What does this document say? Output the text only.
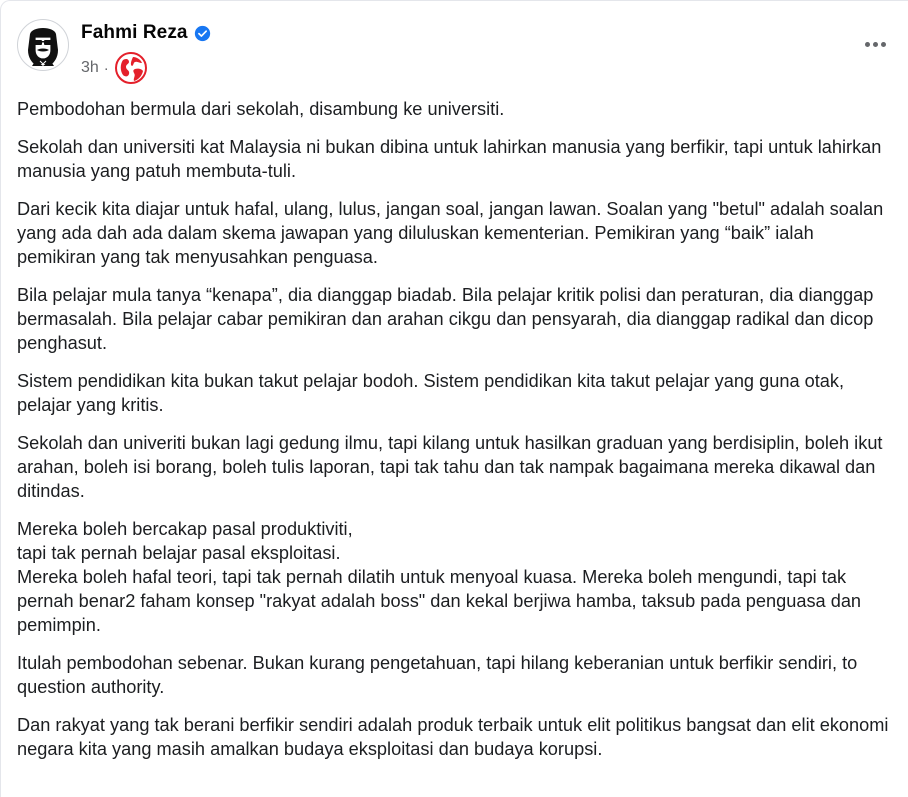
Fahmi Reza
3h ·

Pembodohan bermula dari sekolah, disambung ke universiti.

Sekolah dan universiti kat Malaysia ni bukan dibina untuk lahirkan manusia yang berfikir, tapi untuk lahirkan manusia yang patuh membuta-tuli.

Dari kecik kita diajar untuk hafal, ulang, lulus, jangan soal, jangan lawan. Soalan yang "betul" adalah soalan yang ada dah ada dalam skema jawapan yang diluluskan kementerian. Pemikiran yang “baik” ialah pemikiran yang tak menyusahkan penguasa.

Bila pelajar mula tanya “kenapa”, dia dianggap biadab. Bila pelajar kritik polisi dan peraturan, dia dianggap bermasalah. Bila pelajar cabar pemikiran dan arahan cikgu dan pensyarah, dia dianggap radikal dan dicop penghasut.

Sistem pendidikan kita bukan takut pelajar bodoh. Sistem pendidikan kita takut pelajar yang guna otak, pelajar yang kritis.

Sekolah dan univeriti bukan lagi gedung ilmu, tapi kilang untuk hasilkan graduan yang berdisiplin, boleh ikut arahan, boleh isi borang, boleh tulis laporan, tapi tak tahu dan tak nampak bagaimana mereka dikawal dan ditindas.

Mereka boleh bercakap pasal produktiviti,
tapi tak pernah belajar pasal eksploitasi.
Mereka boleh hafal teori, tapi tak pernah dilatih untuk menyoal kuasa. Mereka boleh mengundi, tapi tak pernah benar2 faham konsep "rakyat adalah boss" dan kekal berjiwa hamba, taksub pada penguasa dan pemimpin.

Itulah pembodohan sebenar. Bukan kurang pengetahuan, tapi hilang keberanian untuk berfikir sendiri, to question authority.

Dan rakyat yang tak berani berfikir sendiri adalah produk terbaik untuk elit politikus bangsat dan elit ekonomi negara kita yang masih amalkan budaya eksploitasi dan budaya korupsi.
